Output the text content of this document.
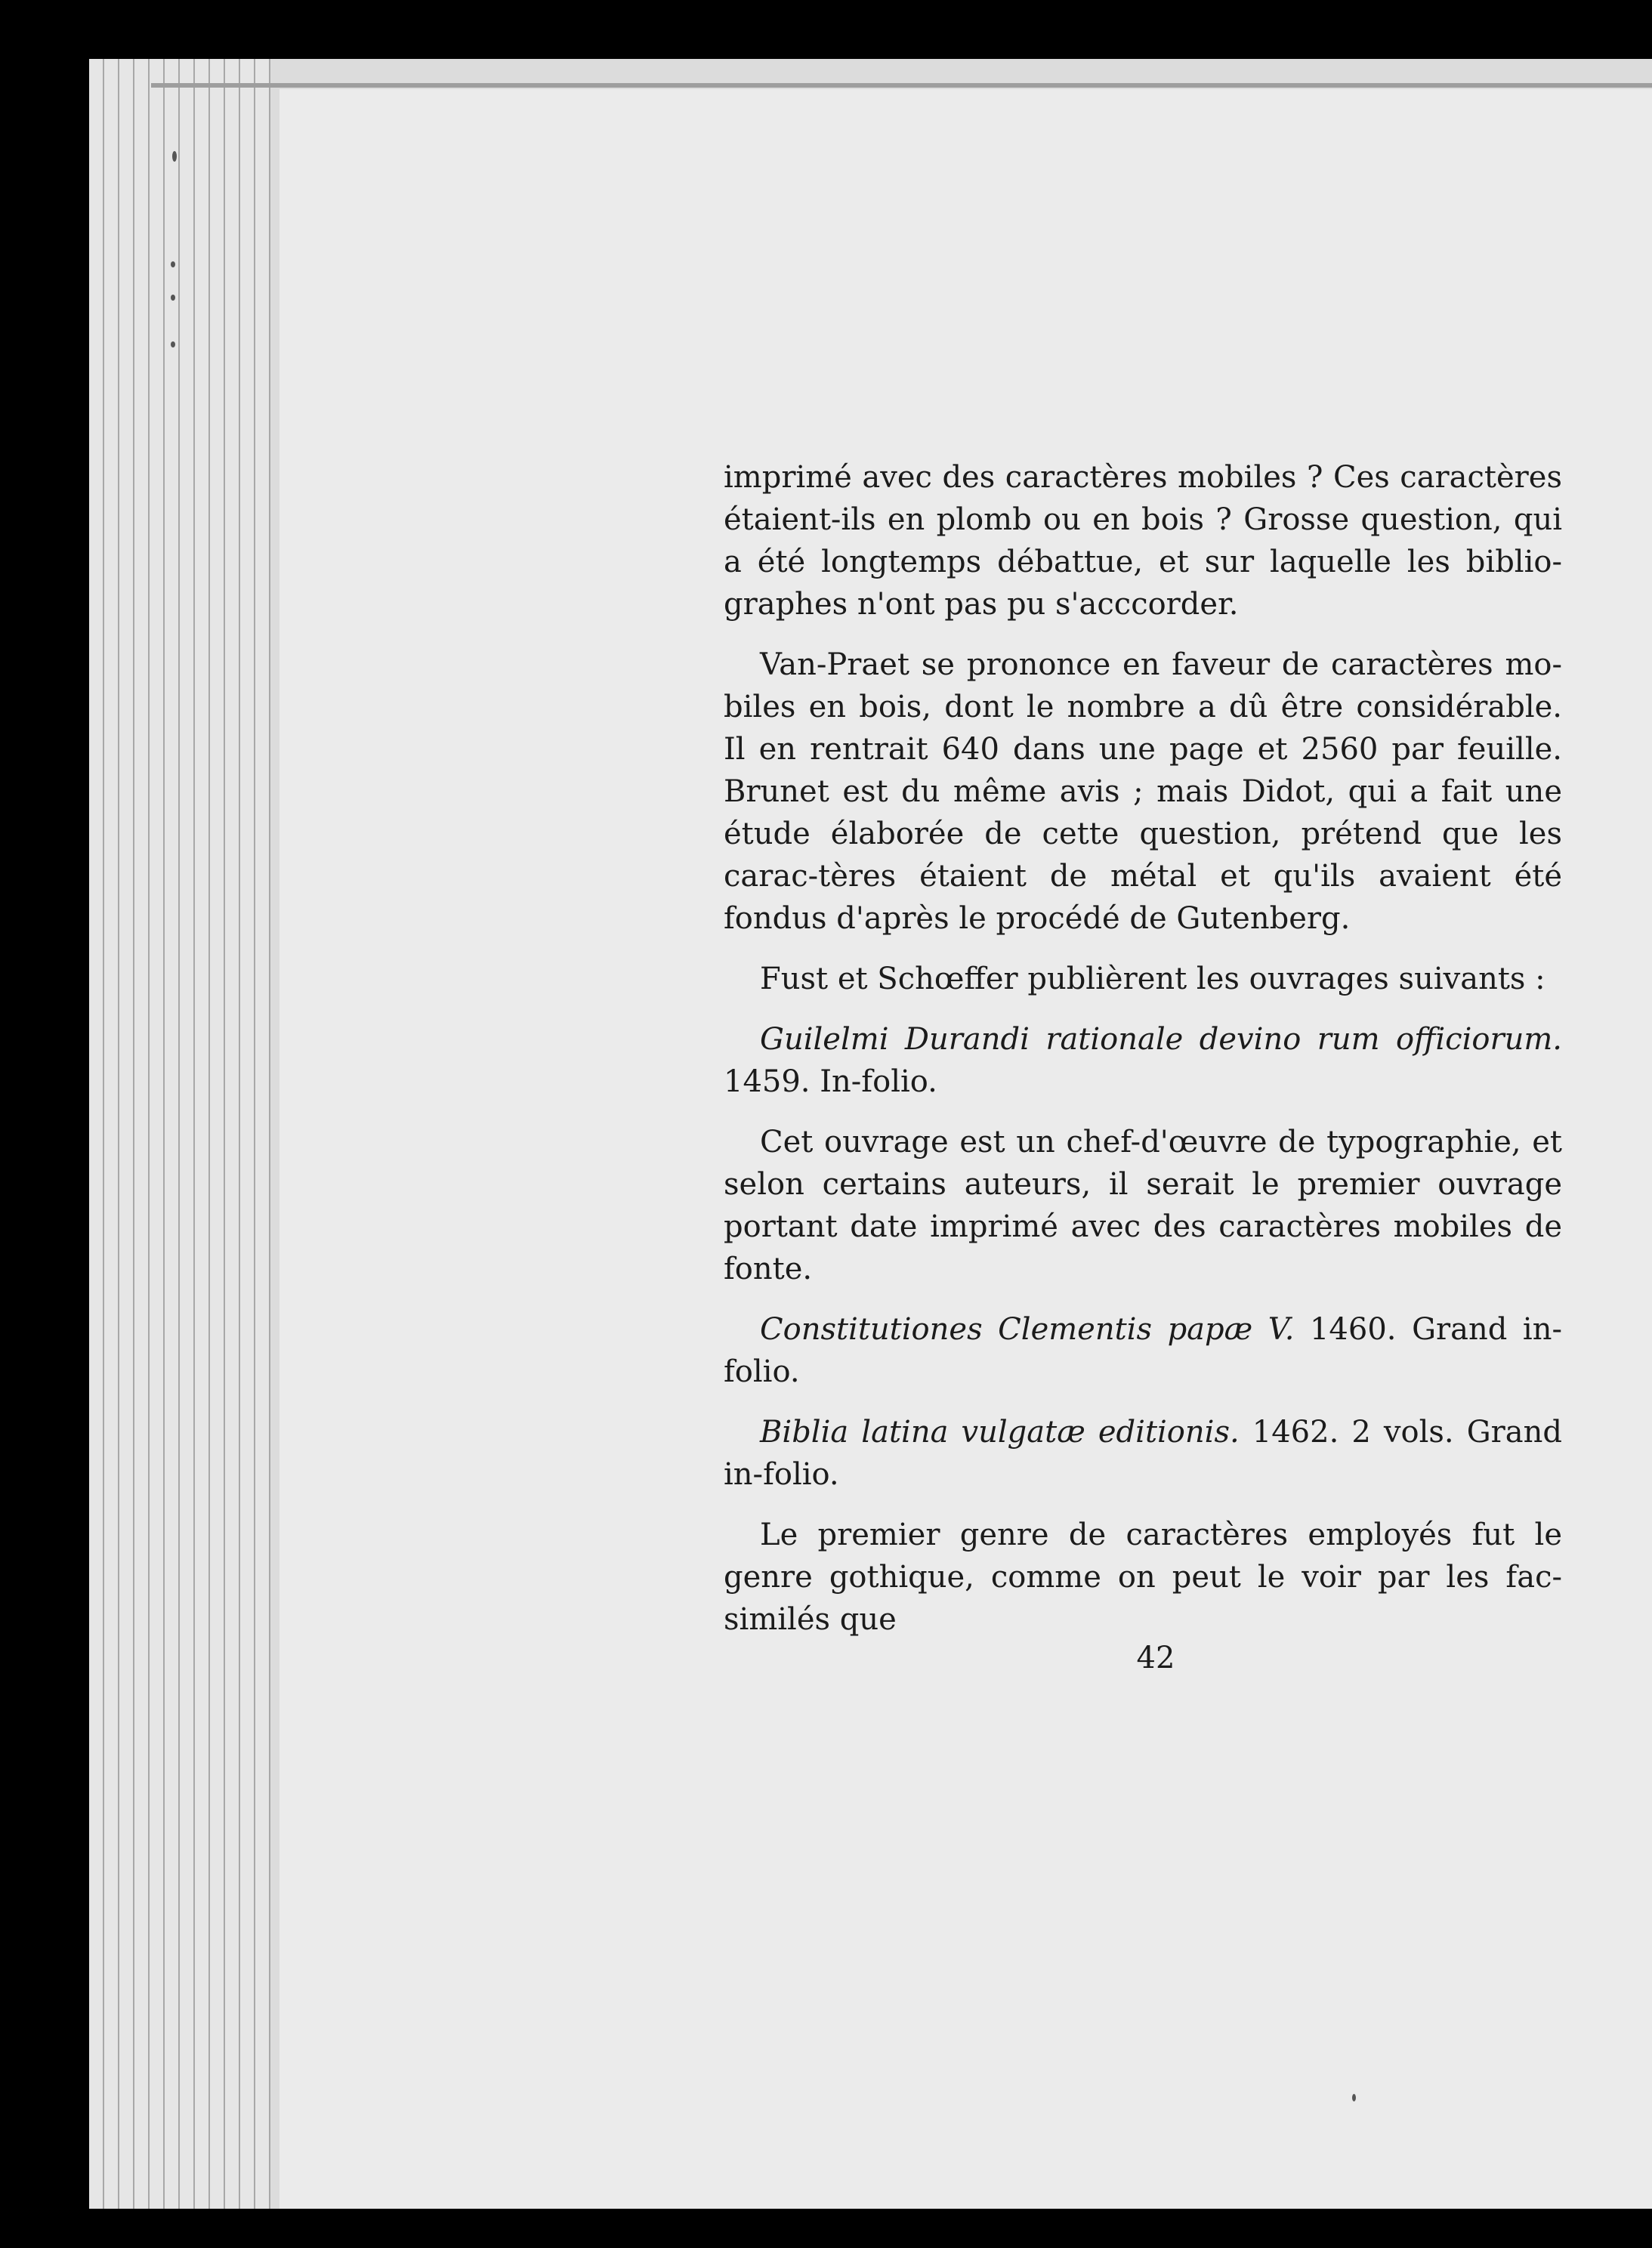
imprimé avec des caractères mobiles ? Ces caractères étaient-ils en plomb ou en bois ? Grosse question, qui a été longtemps débattue, et sur laquelle les biblio-graphes n'ont pas pu s'acccorder.

Van-Praet se prononce en faveur de caractères mo-biles en bois, dont le nombre a dû être considérable. Il en rentrait 640 dans une page et 2560 par feuille. Brunet est du même avis ; mais Didot, qui a fait une étude élaborée de cette question, prétend que les carac-tères étaient de métal et qu'ils avaient été fondus d'après le procédé de Gutenberg.

Fust et Schœffer publièrent les ouvrages suivants :

Guilelmi Durandi rationale devino rum officiorum. 1459. In-folio.

Cet ouvrage est un chef-d'œuvre de typographie, et selon certains auteurs, il serait le premier ouvrage portant date imprimé avec des caractères mobiles de fonte.

Constitutiones Clementis papæ V. 1460. Grand in-folio.

Biblia latina vulgatæ editionis. 1462. 2 vols. Grand in-folio.

Le premier genre de caractères employés fut le genre gothique, comme on peut le voir par les fac-similés que

42
